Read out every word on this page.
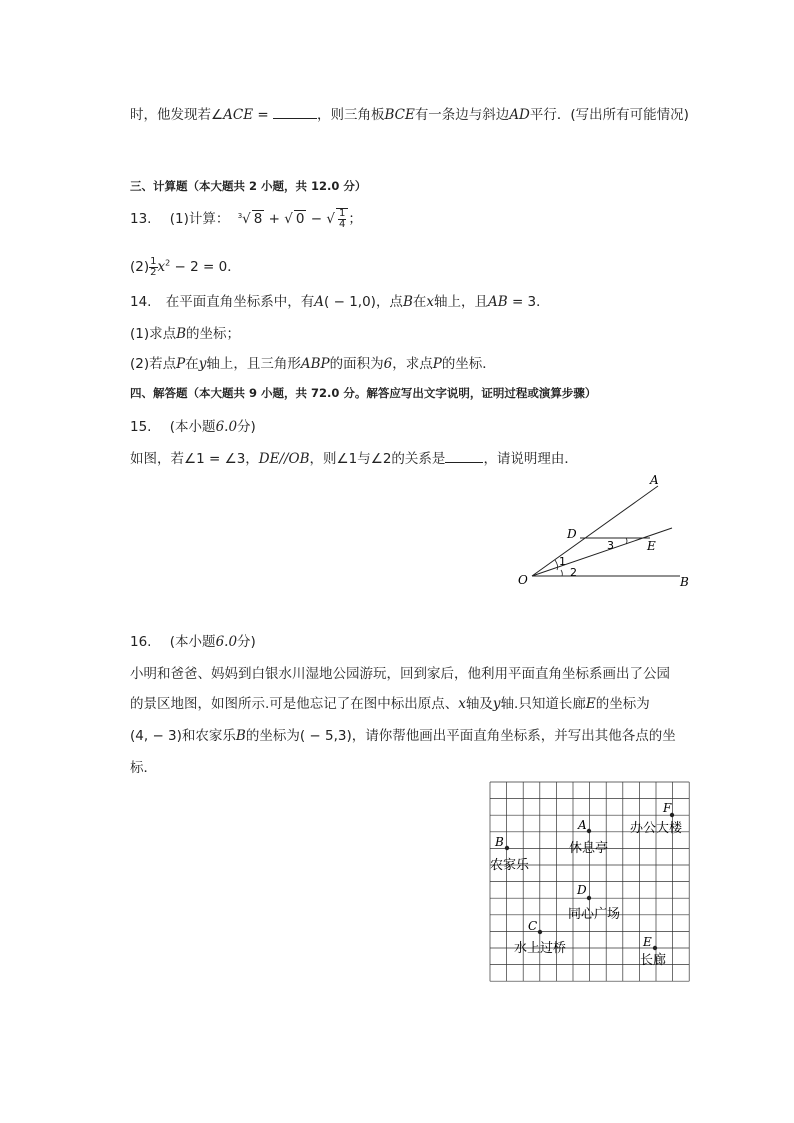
时，他发现若∠ACE =	，则三角板BCE有一条边与斜边AD平行．(写出所有可能情况)
三、计算题（本大题共 2 小题，共 12.0 分）
13. (1)计算： $^3$√ 8 + √ 0 − √ $\frac{1}{4}$ ；
$(2) \frac{1}{2} x^2 - 2 = 0$．
14. 在平面直角坐标系中，有A( − 1,0)，点B在x轴上，且AB = 3．
(1)求点B的坐标；
(2)若点P在y轴上，且三角形ABP的面积为6，求点P的坐标．
四、解答题（本大题共 9 小题，共 72.0 分。解答应写出文字说明，证明过程或演算步骤）
15. (本小题6.0分)
如图，若∠1 = ∠3，DE//OB，则∠1与∠2的关系是	，请说明理由．
A
D
E
O	B
1
2
3
16. (本小题6.0分)
小明和爸爸、妈妈到白银水川湿地公园游玩，回到家后，他利用平面直角坐标系画出了公园
的景区地图，如图所示.可是他忘记了在图中标出原点、x轴及y轴.只知道长廊E的坐标为
(4, − 3)和农家乐B的坐标为( − 5,3)，请你帮他画出平面直角坐标系，并写出其他各点的坐
标．
A
休息亭
B
农家乐
C
水上过桥
D
同心广场
E
长廊
F
办公大楼
